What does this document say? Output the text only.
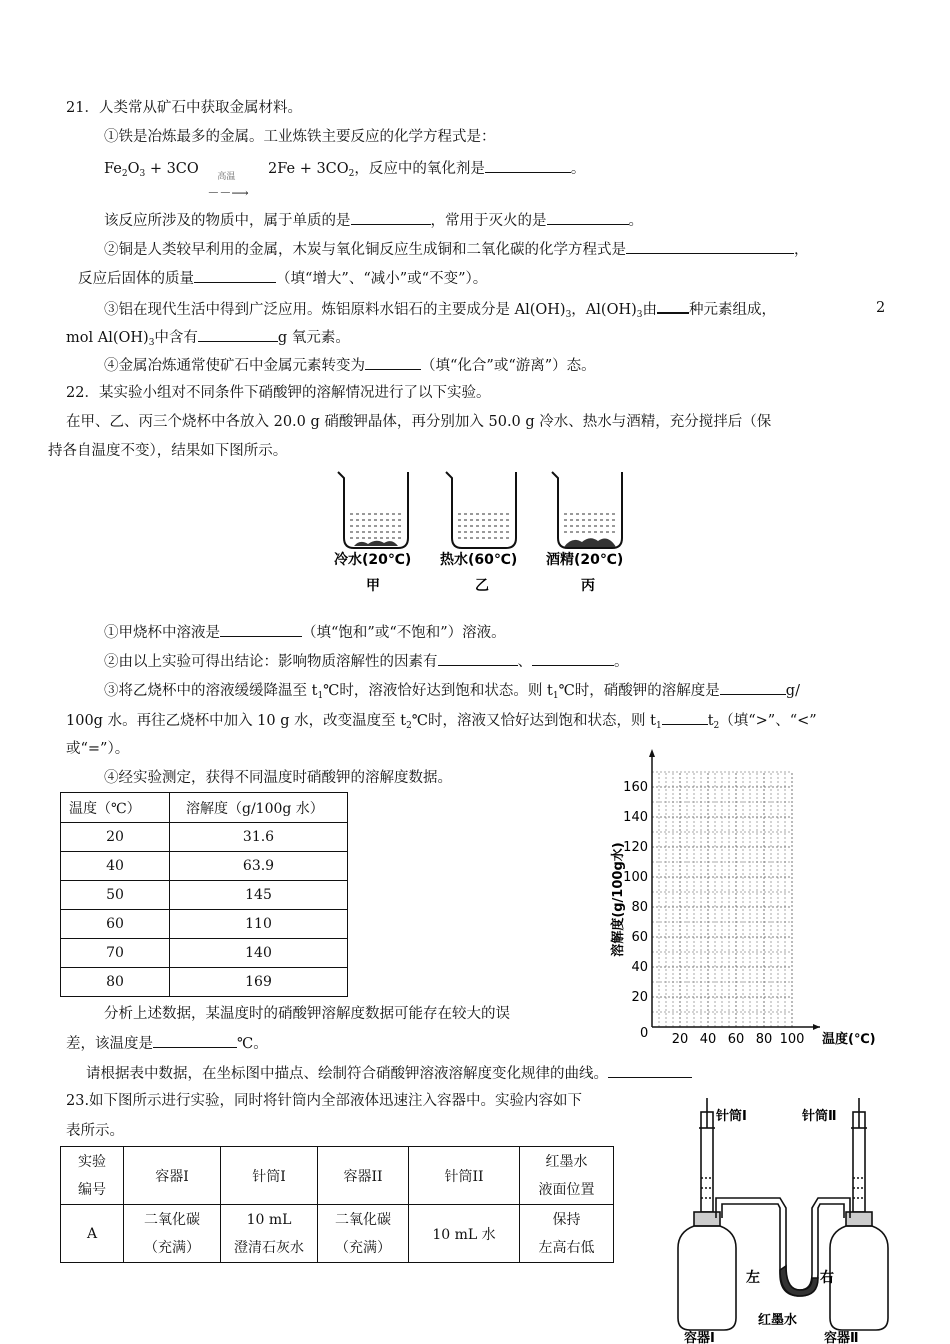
21．人类常从矿石中获取金属材料。
①铁是冶炼最多的金属。工业炼铁主要反应的化学方程式是：
$Fe_2O_3 + 3CO$ 高温
－－⟶
$2Fe + 3CO_2$，反应中的氧化剂是	。
该反应所涉及的物质中，属于单质的是	，常用于灭火的是	。
②铜是人类较早利用的金属，木炭与氧化铜反应生成铜和二氧化碳的化学方程式是	，
反应后固体的质量	（填“增大”、“减小”或“不变”）。
③铝在现代生活中得到广泛应用。炼铝原料水铝石的主要成分是 $Al(OH)_3$，$Al(OH)_3$由 种元素组成，	2
mol $Al(OH)_3$中含有	g 氧元素。
④金属冶炼通常使矿石中金属元素转变为	（填“化合”或“游离”）态。
22．某实验小组对不同条件下硝酸钾的溶解情况进行了以下实验。
在甲、乙、丙三个烧杯中各放入 20.0 g 硝酸钾晶体，再分别加入 50.0 g 冷水、热水与酒精，充分搅拌后（保
持各自温度不变），结果如下图所示。
冷水(20℃) 热水(60℃) 酒精(20℃)
甲	乙	丙
①甲烧杯中溶液是	（填“饱和”或“不饱和”）溶液。
②由以上实验可得出结论：影响物质溶解性的因素有	、	。
③将乙烧杯中的溶液缓缓降温至 $t_1℃$时，溶液恰好达到饱和状态。则 $t_1℃$时，硝酸钾的溶解度是	g/
100g 水。再往乙烧杯中加入 10 g 水，改变温度至 $t_2℃$时，溶液又恰好达到饱和状态，则 $t_1$	$t_2$（填“>”、“<”
或“=”）。
④经实验测定，获得不同温度时硝酸钾的溶解度数据。
温度（℃）	溶解度（g/100g 水）
20	31.6
40	63.9
50	145
60	110
70	140
80	169
分析上述数据，某温度时的硝酸钾溶解度数据可能存在较大的误
差，该温度是	℃。
请根据表中数据，在坐标图中描点、绘制符合硝酸钾溶液溶解度变化规律的曲线。
20 40 60 80 100
20
40
60
80
100
120
140
160
0	温度(℃)
溶解度(g/100g水)
23.如下图所示进行实验，同时将针筒内全部液体迅速注入容器中。实验内容如下
表所示。
实验
编号	容器I	针筒I	容器II	针筒II	红墨水
液面位置
A	二氧化碳
（充满）	10 mL
澄清石灰水	二氧化碳
（充满）	10 mL 水	保持
左高右低
针筒Ⅰ	针筒Ⅱ
左	右
红墨水
容器Ⅰ	容器Ⅱ
